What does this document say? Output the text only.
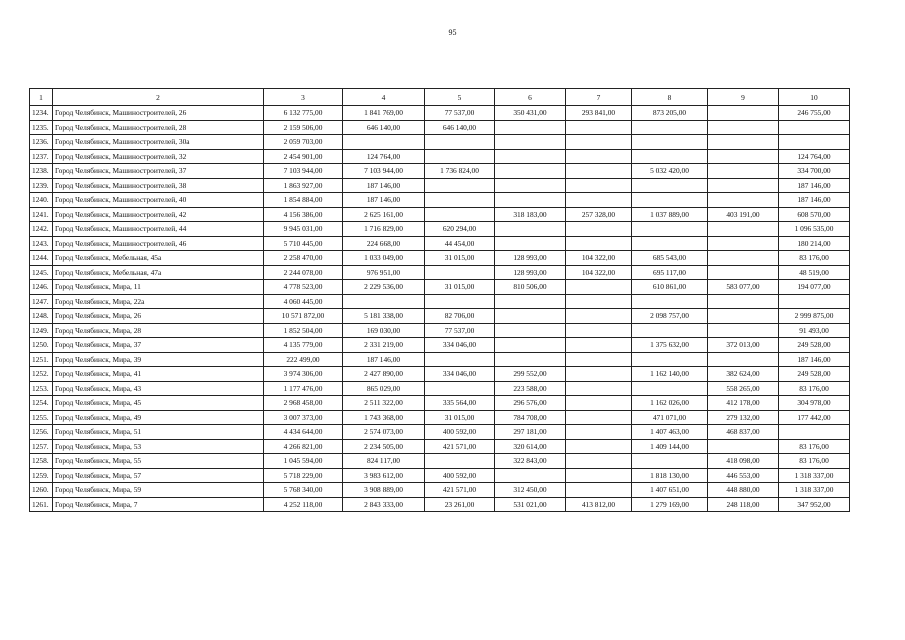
95
1	2	3	4	5	6	7	8	9	10
1234.	Город Челябинск, Машиностроителей, 26	6 132 775,00	1 841 769,00	77 537,00	350 431,00	293 841,00	873 205,00		246 755,00
1235.	Город Челябинск, Машиностроителей, 28	2 159 506,00	646 140,00	646 140,00					
1236.	Город Челябинск, Машиностроителей, 30а	2 059 703,00							
1237.	Город Челябинск, Машиностроителей, 32	2 454 901,00	124 764,00						124 764,00
1238.	Город Челябинск, Машиностроителей, 37	7 103 944,00	7 103 944,00	1 736 824,00			5 032 420,00		334 700,00
1239.	Город Челябинск, Машиностроителей, 38	1 863 927,00	187 146,00						187 146,00
1240.	Город Челябинск, Машиностроителей, 40	1 854 884,00	187 146,00						187 146,00
1241.	Город Челябинск, Машиностроителей, 42	4 156 386,00	2 625 161,00		318 183,00	257 328,00	1 037 889,00	403 191,00	608 570,00
1242.	Город Челябинск, Машиностроителей, 44	9 945 031,00	1 716 829,00	620 294,00					1 096 535,00
1243.	Город Челябинск, Машиностроителей, 46	5 710 445,00	224 668,00	44 454,00					180 214,00
1244.	Город Челябинск, Мебельная, 45а	2 258 470,00	1 033 049,00	31 015,00	128 993,00	104 322,00	685 543,00		83 176,00
1245.	Город Челябинск, Мебельная, 47а	2 244 078,00	976 951,00		128 993,00	104 322,00	695 117,00		48 519,00
1246.	Город Челябинск, Мира, 11	4 778 523,00	2 229 536,00	31 015,00	810 506,00		610 861,00	583 077,00	194 077,00
1247.	Город Челябинск, Мира, 22а	4 060 445,00							
1248.	Город Челябинск, Мира, 26	10 571 872,00	5 181 338,00	82 706,00			2 098 757,00		2 999 875,00
1249.	Город Челябинск, Мира, 28	1 852 504,00	169 030,00	77 537,00					91 493,00
1250.	Город Челябинск, Мира, 37	4 135 779,00	2 331 219,00	334 046,00			1 375 632,00	372 013,00	249 528,00
1251.	Город Челябинск, Мира, 39	222 499,00	187 146,00						187 146,00
1252.	Город Челябинск, Мира, 41	3 974 306,00	2 427 890,00	334 046,00	299 552,00		1 162 140,00	382 624,00	249 528,00
1253.	Город Челябинск, Мира, 43	1 177 476,00	865 029,00		223 588,00			558 265,00	83 176,00
1254.	Город Челябинск, Мира, 45	2 968 458,00	2 511 322,00	335 564,00	296 576,00		1 162 026,00	412 178,00	304 978,00
1255.	Город Челябинск, Мира, 49	3 007 373,00	1 743 368,00	31 015,00	784 708,00		471 071,00	279 132,00	177 442,00
1256.	Город Челябинск, Мира, 51	4 434 644,00	2 574 073,00	400 592,00	297 181,00		1 407 463,00	468 837,00	
1257.	Город Челябинск, Мира, 53	4 266 821,00	2 234 505,00	421 571,00	320 614,00		1 409 144,00		83 176,00
1258.	Город Челябинск, Мира, 55	1 045 594,00	824 117,00		322 843,00			418 098,00	83 176,00
1259.	Город Челябинск, Мира, 57	5 718 229,00	3 983 612,00	400 592,00			1 818 130,00	446 553,00	1 318 337,00
1260.	Город Челябинск, Мира, 59	5 768 340,00	3 908 889,00	421 571,00	312 450,00		1 407 651,00	448 880,00	1 318 337,00
1261.	Город Челябинск, Мира, 7	4 252 118,00	2 843 333,00	23 261,00	531 021,00	413 812,00	1 279 169,00	248 118,00	347 952,00
